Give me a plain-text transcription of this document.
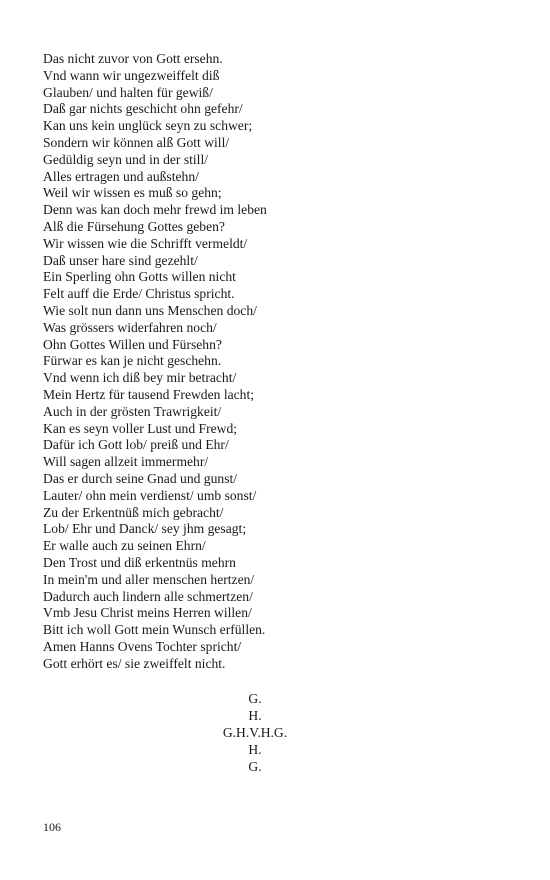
Das nicht zuvor von Gott ersehn.
Vnd wann wir ungezweiffelt diß
Glauben/ und halten für gewiß/
Daß gar nichts geschicht ohn gefehr/
Kan uns kein unglück seyn zu schwer;
Sondern wir können alß Gott will/
Gedüldig seyn und in der still/
Alles ertragen und außstehn/
Weil wir wissen es muß so gehn;
Denn was kan doch mehr frewd im leben
Alß die Fürsehung Gottes geben?
Wir wissen wie die Schrifft vermeldt/
Daß unser hare sind gezehlt/
Ein Sperling ohn Gotts willen nicht
Felt auff die Erde/ Christus spricht.
Wie solt nun dann uns Menschen doch/
Was grössers widerfahren noch/
Ohn Gottes Willen und Fürsehn?
Fürwar es kan je nicht geschehn.
Vnd wenn ich diß bey mir betracht/
Mein Hertz für tausend Frewden lacht;
Auch in der grösten Trawrigkeit/
Kan es seyn voller Lust und Frewd;
Dafür ich Gott lob/ preiß und Ehr/
Will sagen allzeit immermehr/
Das er durch seine Gnad und gunst/
Lauter/ ohn mein verdienst/ umb sonst/
Zu der Erkentnüß mich gebracht/
Lob/ Ehr und Danck/ sey jhm gesagt;
Er walle auch zu seinen Ehrn/
Den Trost und diß erkentnüs mehrn
In mein'm und aller menschen hertzen/
Dadurch auch lindern alle schmertzen/
Vmb Jesu Christ meins Herren willen/
Bitt ich woll Gott mein Wunsch erfüllen.
Amen Hanns Ovens Tochter spricht/
Gott erhört es/ sie zweiffelt nicht.
G.
H.
G.H.V.H.G.
H.
G.
106
